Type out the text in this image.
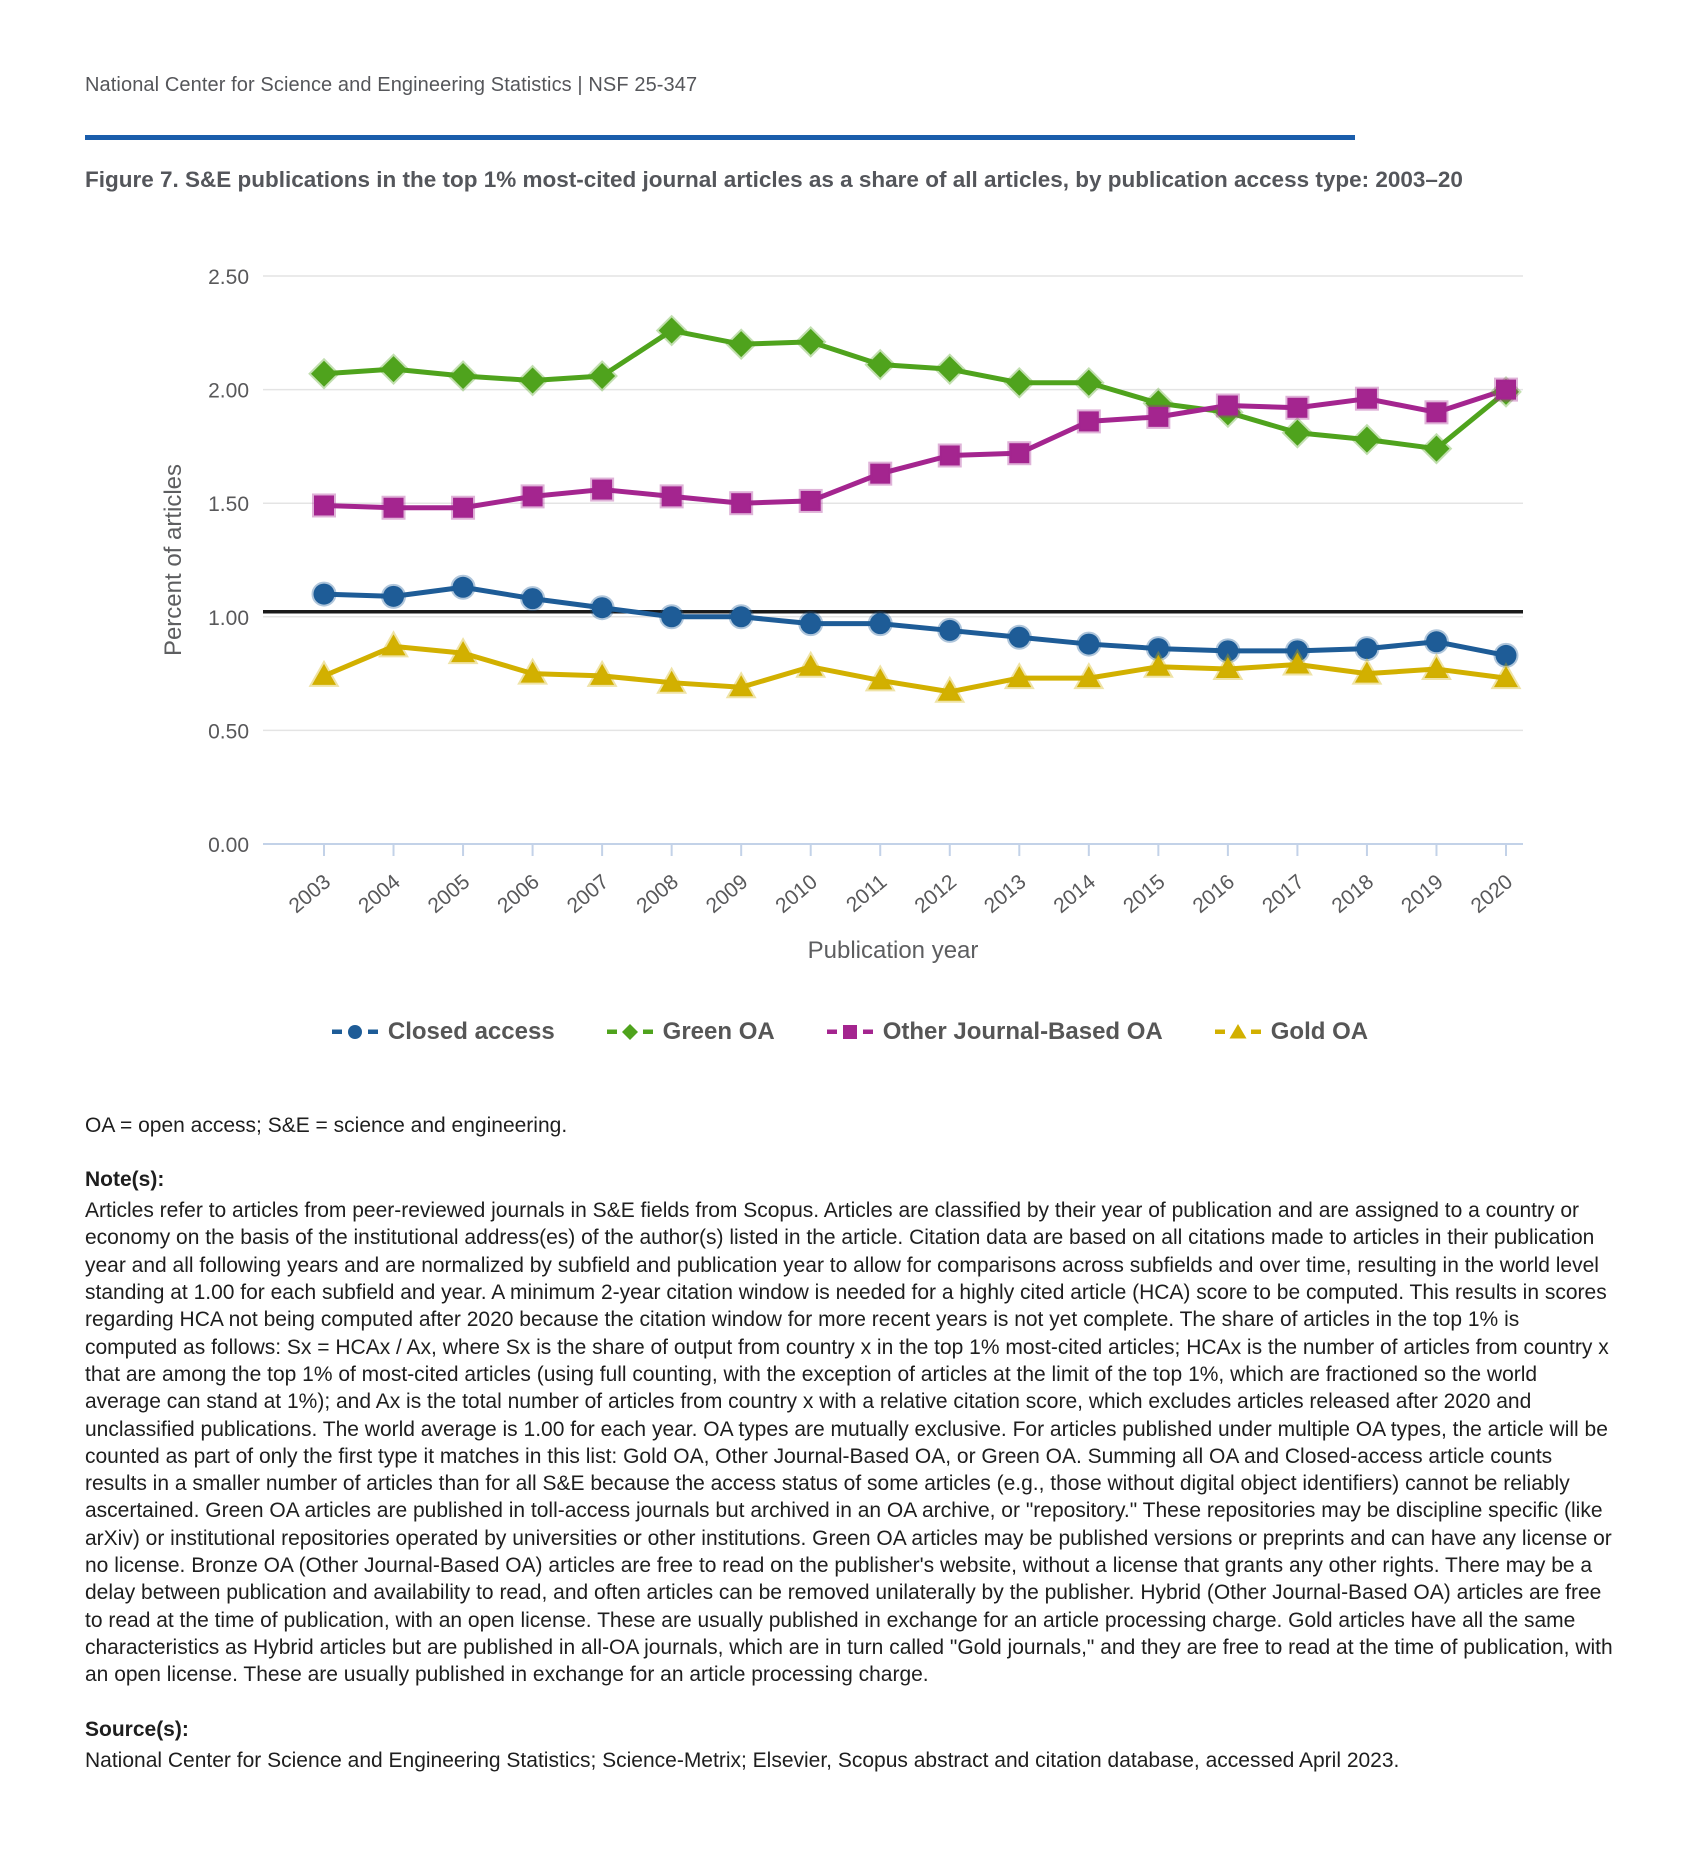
National Center for Science and Engineering Statistics | NSF 25-347
Figure 7. S&E publications in the top 1% most-cited journal articles as a share of all articles, by publication access type: 2003–20
0.00
0.50
1.00
1.50
2.00
2.50
2003 2004 2005 2006 2007 2008 2009 2010 2011 2012 2013 2014 2015 2016 2017 2018 2019 2020
Publication year
Percent of articles
Closed access	Green OA	Other Journal-Based OA	Gold OA

OA = open access; S&E = science and engineering.

Note(s):

Articles refer to articles from peer-reviewed journals in S&E fields from Scopus. Articles are classified by their year of publication and are assigned to a country or economy on the basis of the institutional address(es) of the author(s) listed in the article. Citation data are based on all citations made to articles in their publication year and all following years and are normalized by subfield and publication year to allow for comparisons across subfields and over time, resulting in the world level standing at 1.00 for each subfield and year. A minimum 2-year citation window is needed for a highly cited article (HCA) score to be computed. This results in scores regarding HCA not being computed after 2020 because the citation window for more recent years is not yet complete. The share of articles in the top 1% is computed as follows: Sx = HCAx / Ax, where Sx is the share of output from country x in the top 1% most-cited articles; HCAx is the number of articles from country x that are among the top 1% of most-cited articles (using full counting, with the exception of articles at the limit of the top 1%, which are fractioned so the world average can stand at 1%); and Ax is the total number of articles from country x with a relative citation score, which excludes articles released after 2020 and unclassified publications. The world average is 1.00 for each year. OA types are mutually exclusive. For articles published under multiple OA types, the article will be counted as part of only the first type it matches in this list: Gold OA, Other Journal-Based OA, or Green OA. Summing all OA and Closed-access article counts results in a smaller number of articles than for all S&E because the access status of some articles (e.g., those without digital object identifiers) cannot be reliably ascertained. Green OA articles are published in toll-access journals but archived in an OA archive, or "repository." These repositories may be discipline specific (like arXiv) or institutional repositories operated by universities or other institutions. Green OA articles may be published versions or preprints and can have any license or no license. Bronze OA (Other Journal-Based OA) articles are free to read on the publisher's website, without a license that grants any other rights. There may be a delay between publication and availability to read, and often articles can be removed unilaterally by the publisher. Hybrid (Other Journal-Based OA) articles are free to read at the time of publication, with an open license. These are usually published in exchange for an article processing charge. Gold articles have all the same characteristics as Hybrid articles but are published in all-OA journals, which are in turn called "Gold journals," and they are free to read at the time of publication, with an open license. These are usually published in exchange for an article processing charge.

Source(s):

National Center for Science and Engineering Statistics; Science-Metrix; Elsevier, Scopus abstract and citation database, accessed April 2023.
